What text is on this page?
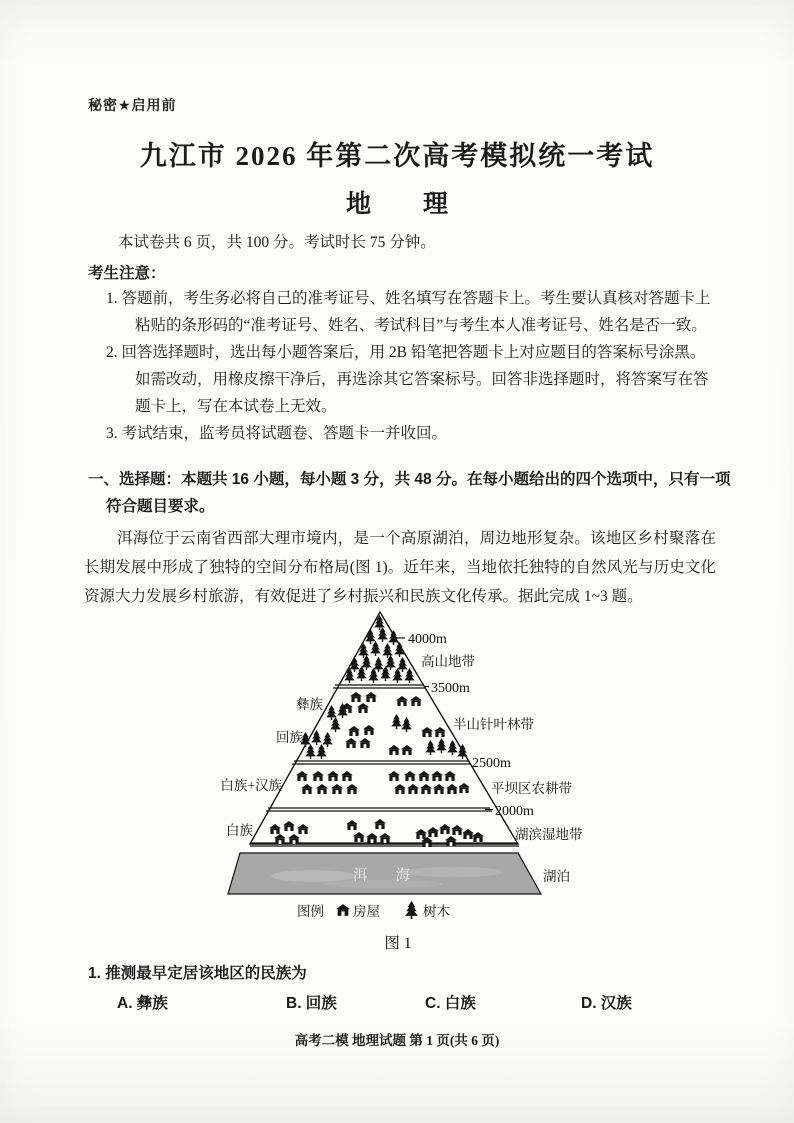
秘密★启用前
九江市 2026 年第二次高考模拟统一考试
地理
本试卷共 6 页，共 100 分。考试时长 75 分钟。
考生注意：
1. 答题前，考生务必将自己的准考证号、姓名填写在答题卡上。考生要认真核对答题卡上粘贴的条形码的“准考证号、姓名、考试科目”与考生本人准考证号、姓名是否一致。
2. 回答选择题时，选出每小题答案后，用 2B 铅笔把答题卡上对应题目的答案标号涂黑。如需改动，用橡皮擦干净后，再选涂其它答案标号。回答非选择题时，将答案写在答题卡上，写在本试卷上无效。
3. 考试结束，监考员将试题卷、答题卡一并收回。
一、选择题：本题共 16 小题，每小题 3 分，共 48 分。在每小题给出的四个选项中，只有一项符合题目要求。
洱海位于云南省西部大理市境内，是一个高原湖泊，周边地形复杂。该地区乡村聚落在长期发展中形成了独特的空间分布格局(图 1)。近年来，当地依托独特的自然风光与历史文化资源大力发展乡村旅游，有效促进了乡村振兴和民族文化传承。据此完成 1~3 题。
洱海
4000m
3500m
2500m
2000m
高山地带
半山针叶林带
平坝区农耕带
湖滨湿地带
湖泊
彝族
回族
白族+汉族
白族
图例 房屋	树木
图 1
1. 推测最早定居该地区的民族为
A. 彝族	B. 回族	C. 白族	D. 汉族
高考二模 地理试题 第 1 页(共 6 页)
